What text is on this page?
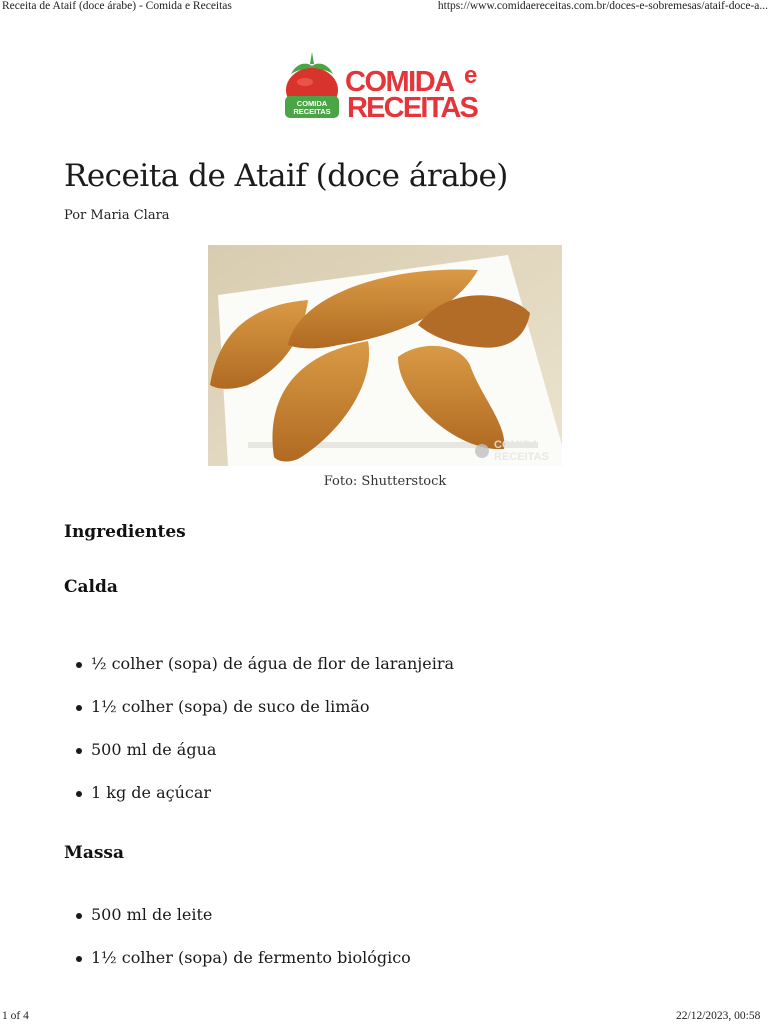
Receita de Ataif (doce árabe) - Comida e Receitas	https://www.comidaereceitas.com.br/doces-e-sobremesas/ataif-doce-a...
COMIDA
RECEITAS
COMIDA e
RECEITAS
Receita de Ataif (doce árabe)
Por Maria Clara
COMIDA
RECEITAS
Foto: Shutterstock
Ingredientes
Calda
½ colher (sopa) de água de flor de laranjeira
1½ colher (sopa) de suco de limão
500 ml de água
1 kg de açúcar
Massa
500 ml de leite
1½ colher (sopa) de fermento biológico
1 of 4	22/12/2023, 00:58
